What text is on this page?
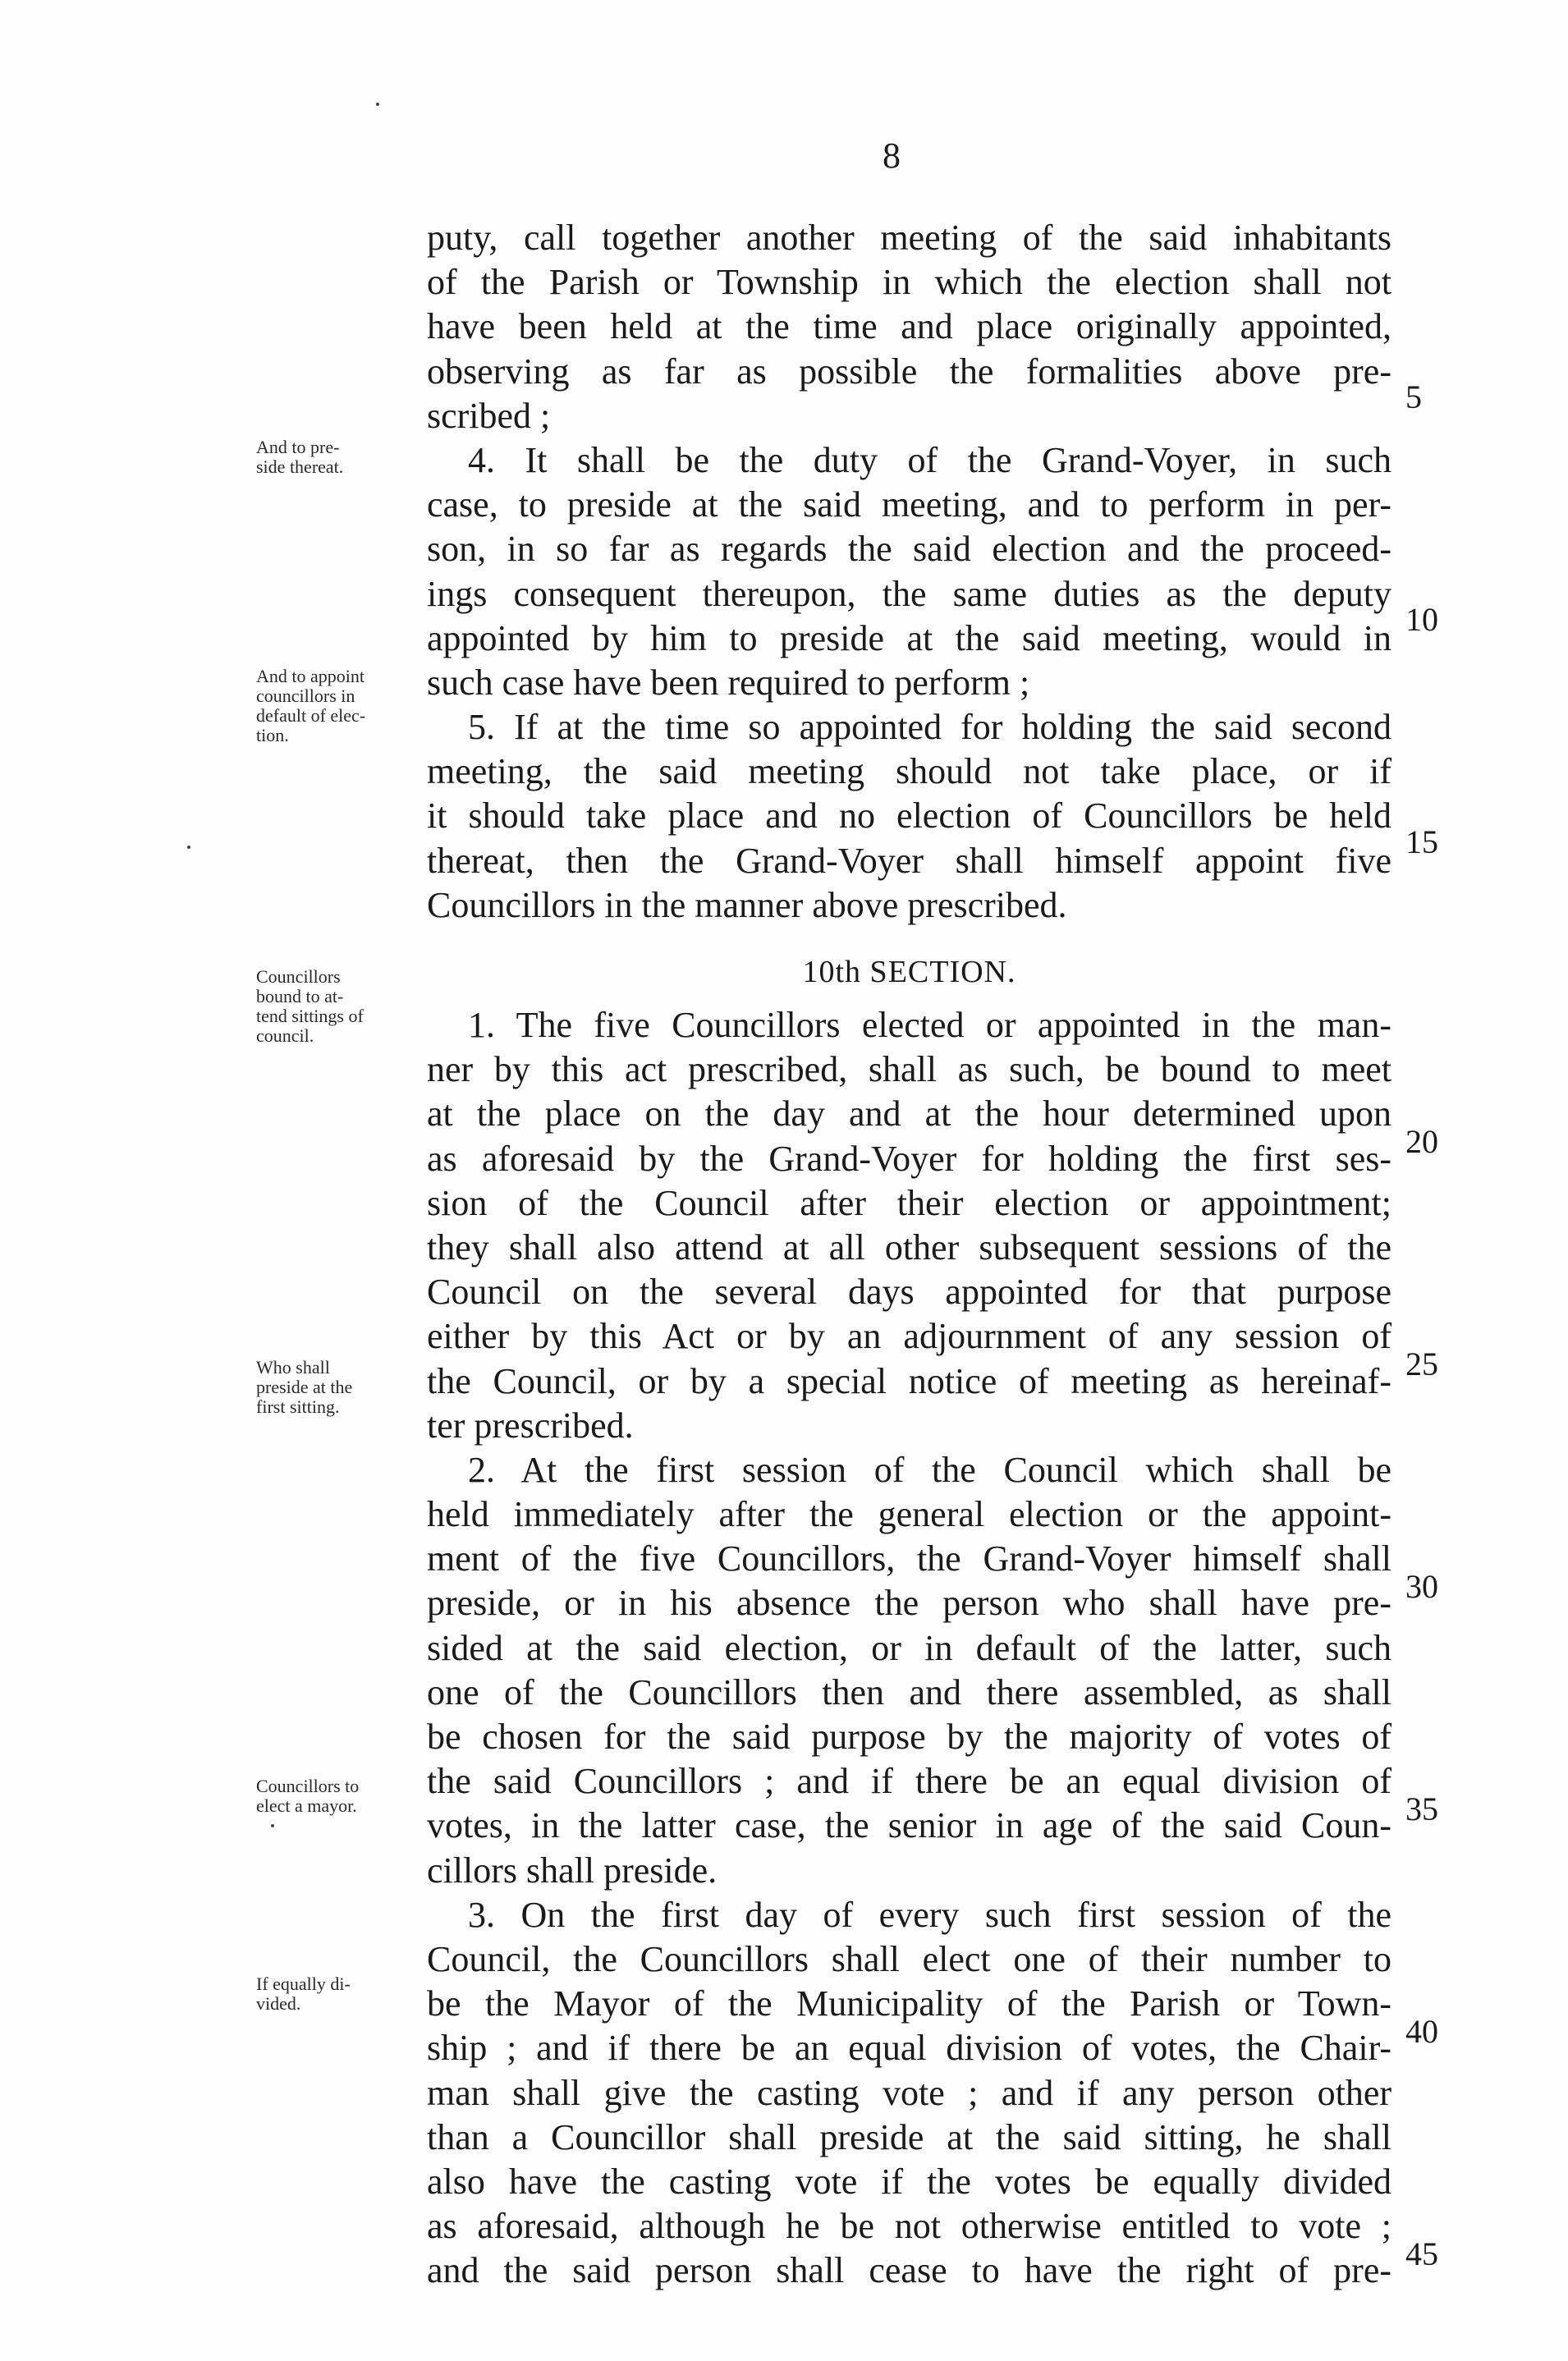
8
puty, call together another meeting of the said inhabitants
of the Parish or Township in which the election shall not
have been held at the time and place originally appointed,
observing as far as possible the formalities above pre-
scribed ;
4. It shall be the duty of the Grand-Voyer, in such
case, to preside at the said meeting, and to perform in per-
son, in so far as regards the said election and the proceed-
ings consequent thereupon, the same duties as the deputy
appointed by him to preside at the said meeting, would in
such case have been required to perform ;
5. If at the time so appointed for holding the said second
meeting, the said meeting should not take place, or if
it should take place and no election of Councillors be held
thereat, then the Grand-Voyer shall himself appoint five
Councillors in the manner above prescribed.
10th SECTION.
1. The five Councillors elected or appointed in the man-
ner by this act prescribed, shall as such, be bound to meet
at the place on the day and at the hour determined upon
as aforesaid by the Grand-Voyer for holding the first ses-
sion of the Council after their election or appointment;
they shall also attend at all other subsequent sessions of the
Council on the several days appointed for that purpose
either by this Act or by an adjournment of any session of
the Council, or by a special notice of meeting as hereinaf-
ter prescribed.
2. At the first session of the Council which shall be
held immediately after the general election or the appoint-
ment of the five Councillors, the Grand-Voyer himself shall
preside, or in his absence the person who shall have pre-
sided at the said election, or in default of the latter, such
one of the Councillors then and there assembled, as shall
be chosen for the said purpose by the majority of votes of
the said Councillors ; and if there be an equal division of
votes, in the latter case, the senior in age of the said Coun-
cillors shall preside.
3. On the first day of every such first session of the
Council, the Councillors shall elect one of their number to
be the Mayor of the Municipality of the Parish or Town-
ship ; and if there be an equal division of votes, the Chair-
man shall give the casting vote ; and if any person other
than a Councillor shall preside at the said sitting, he shall
also have the casting vote if the votes be equally divided
as aforesaid, although he be not otherwise entitled to vote ;
and the said person shall cease to have the right of pre-
5
10
15
20
25
30
35
40
45
And to pre-
side thereat.
And to appoint
councillors in
default of elec-
tion.
Councillors
bound to at-
tend sittings of
council.
Who shall
preside at the
first sitting.
Councillors to
elect a mayor.
If equally di-
vided.
